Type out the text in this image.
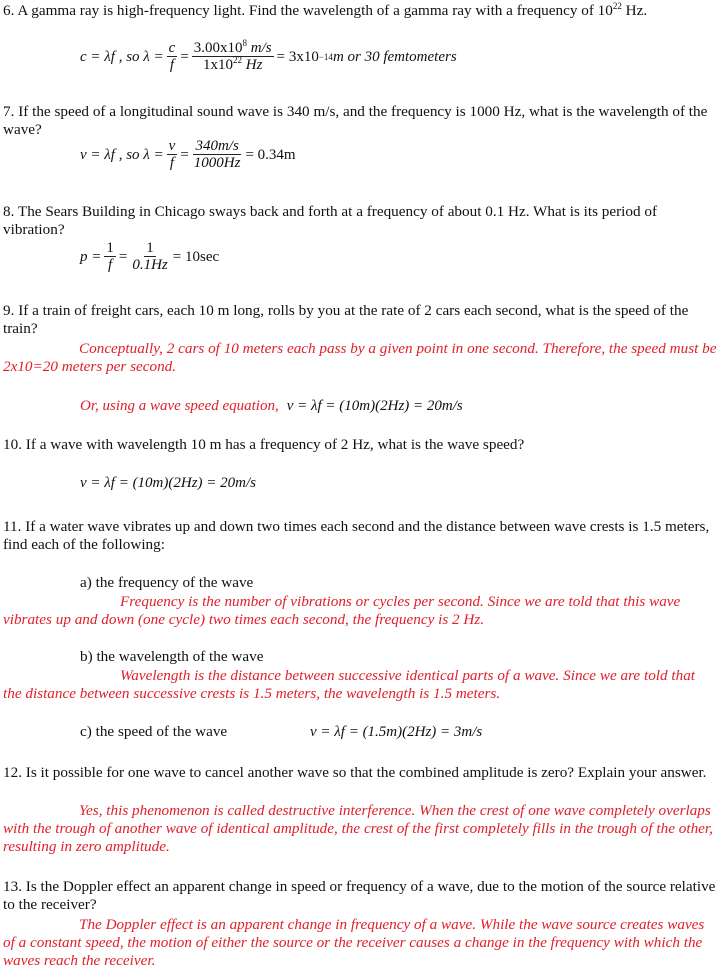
6. A gamma ray is high-frequency light. Find the wavelength of a gamma ray with a frequency of $10^{22}$ Hz.
c = λf , so $\lambda = \frac{c}{f} = \frac{3.00x10^8 m/s}{1x10^{22} Hz} = 3x10 -14$ m or 30 femtometers
7. If the speed of a longitudinal sound wave is 340 m/s, and the frequency is 1000 Hz, what is the wavelength of the wave?
v = λf , so $\lambda = \frac{v}{f} = \frac{340m/s}{1000Hz} = 0.34m$
8. The Sears Building in Chicago sways back and forth at a frequency of about 0.1 Hz. What is its period of vibration?
$p = \frac{1}{f} = \frac{1}{0.1Hz} = 10\sec$
9. If a train of freight cars, each 10 m long, rolls by you at the rate of 2 cars each second, what is the speed of the train?
Conceptually, 2 cars of 10 meters each pass by a given point in one second. Therefore, the speed must be 2x10=20 meters per second.
Or, using a wave speed equation, v = λf = (10m)(2Hz) = 20m/s
10. If a wave with wavelength 10 m has a frequency of 2 Hz, what is the wave speed?
v = λf = (10m)(2Hz) = 20m/s
11. If a water wave vibrates up and down two times each second and the distance between wave crests is 1.5 meters, find each of the following:
a) the frequency of the wave
Frequency is the number of vibrations or cycles per second. Since we are told that this wave vibrates up and down (one cycle) two times each second, the frequency is 2 Hz.
b) the wavelength of the wave
Wavelength is the distance between successive identical parts of a wave. Since we are told that the distance between successive crests is 1.5 meters, the wavelength is 1.5 meters.
c) the speed of the wave	v = λf = (1.5m)(2Hz) = 3m/s
12. Is it possible for one wave to cancel another wave so that the combined amplitude is zero? Explain your answer.
Yes, this phenomenon is called destructive interference. When the crest of one wave completely overlaps with the trough of another wave of identical amplitude, the crest of the first completely fills in the trough of the other, resulting in zero amplitude.
13. Is the Doppler effect an apparent change in speed or frequency of a wave, due to the motion of the source relative to the receiver?
The Doppler effect is an apparent change in frequency of a wave. While the wave source creates waves of a constant speed, the motion of either the source or the receiver causes a change in the frequency with which the waves reach the receiver.
